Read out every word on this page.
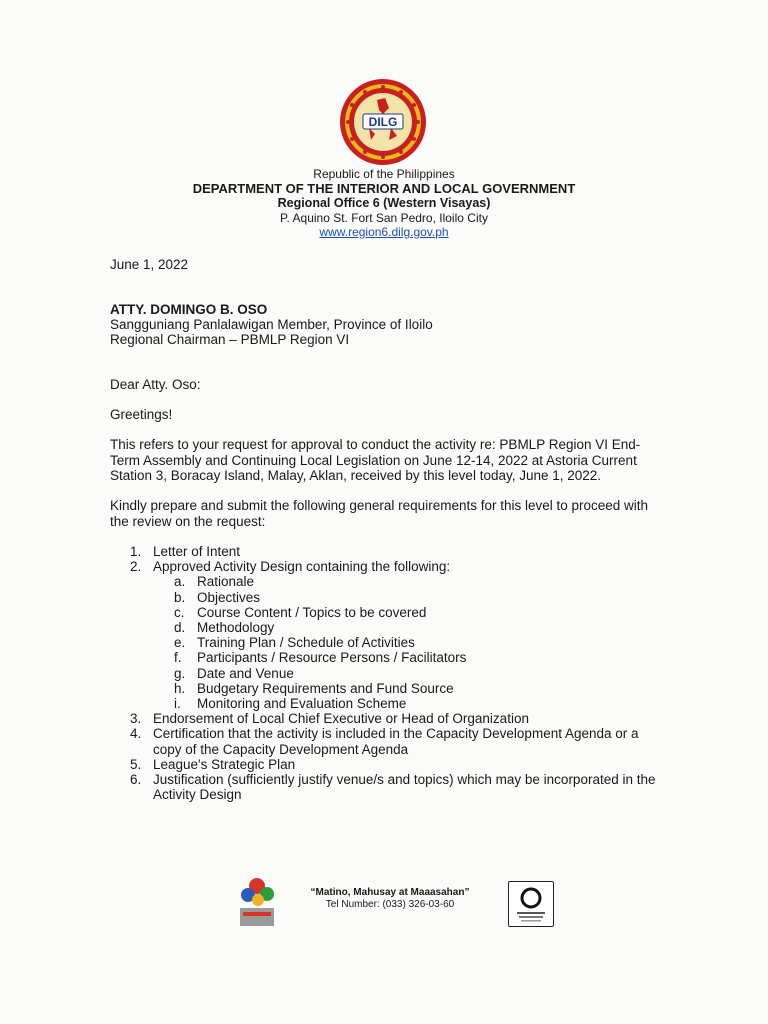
DILG
Republic of the Philippines
DEPARTMENT OF THE INTERIOR AND LOCAL GOVERNMENT
Regional Office 6 (Western Visayas)
P. Aquino St. Fort San Pedro, Iloilo City
www.region6.dilg.gov.ph
June 1, 2022
ATTY. DOMINGO B. OSO
Sangguniang Panlalawigan Member, Province of Iloilo
Regional Chairman – PBMLP Region VI
Dear Atty. Oso:
Greetings!
This refers to your request for approval to conduct the activity re: PBMLP Region VI End-Term Assembly and Continuing Local Legislation on June 12-14, 2022 at Astoria Current Station 3, Boracay Island, Malay, Aklan, received by this level today, June 1, 2022.
Kindly prepare and submit the following general requirements for this level to proceed with the review on the request:
1. Letter of Intent
2. Approved Activity Design containing the following:
a. Rationale
b. Objectives
c. Course Content / Topics to be covered
d. Methodology
e. Training Plan / Schedule of Activities
f. Participants / Resource Persons / Facilitators
g. Date and Venue
h. Budgetary Requirements and Fund Source
i. Monitoring and Evaluation Scheme
3. Endorsement of Local Chief Executive or Head of Organization
4. Certification that the activity is included in the Capacity Development Agenda or a copy of the Capacity Development Agenda
5. League's Strategic Plan
6. Justification (sufficiently justify venue/s and topics) which may be incorporated in the Activity Design
“Matino, Mahusay at Maaasahan”
Tel Number: (033) 326-03-60
